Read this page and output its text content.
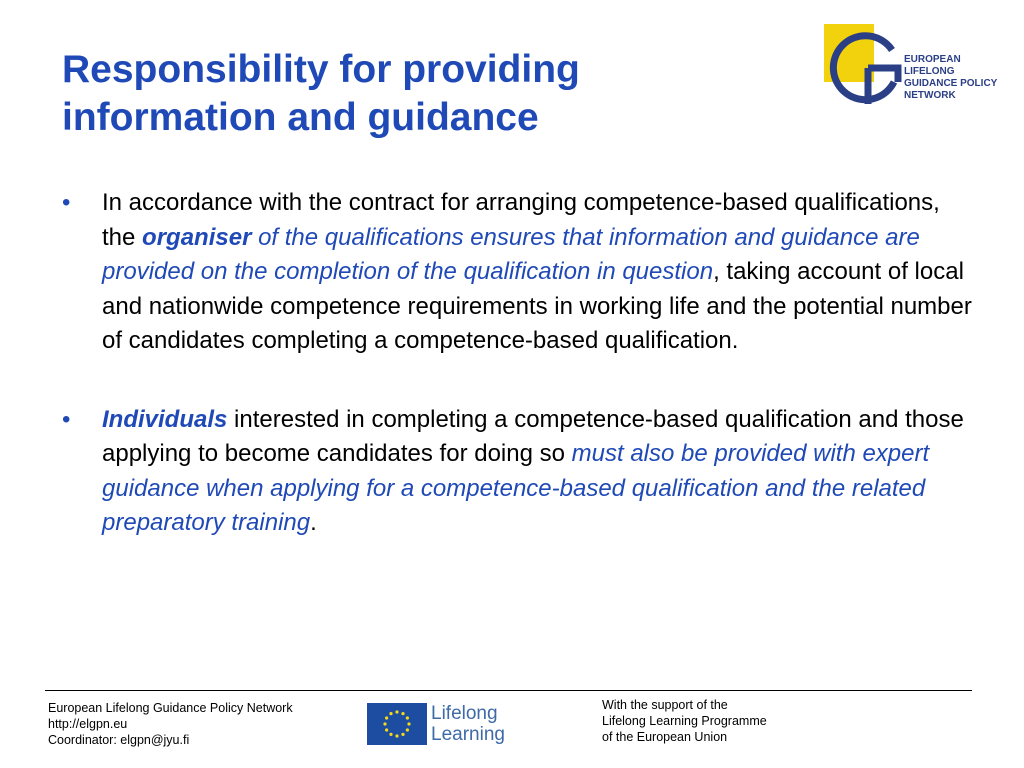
Responsibility for providing
information and guidance
EUROPEAN LIFELONG
GUIDANCE POLICY
NETWORK
• In accordance with the contract for arranging competence-based qualifications, the organiser of the qualifications ensures that information and guidance are provided on the completion of the qualification in question, taking account of local and nationwide competence requirements in working life and the potential number of candidates completing a competence-based qualification.
• Individuals interested in completing a competence-based qualification and those applying to become candidates for doing so must also be provided with expert guidance when applying for a competence-based qualification and the related preparatory training.
European Lifelong Guidance Policy Network
http://elgpn.eu
Coordinator: elgpn@jyu.fi
Lifelong
Learning
With the support of the
Lifelong Learning Programme
of the European Union
